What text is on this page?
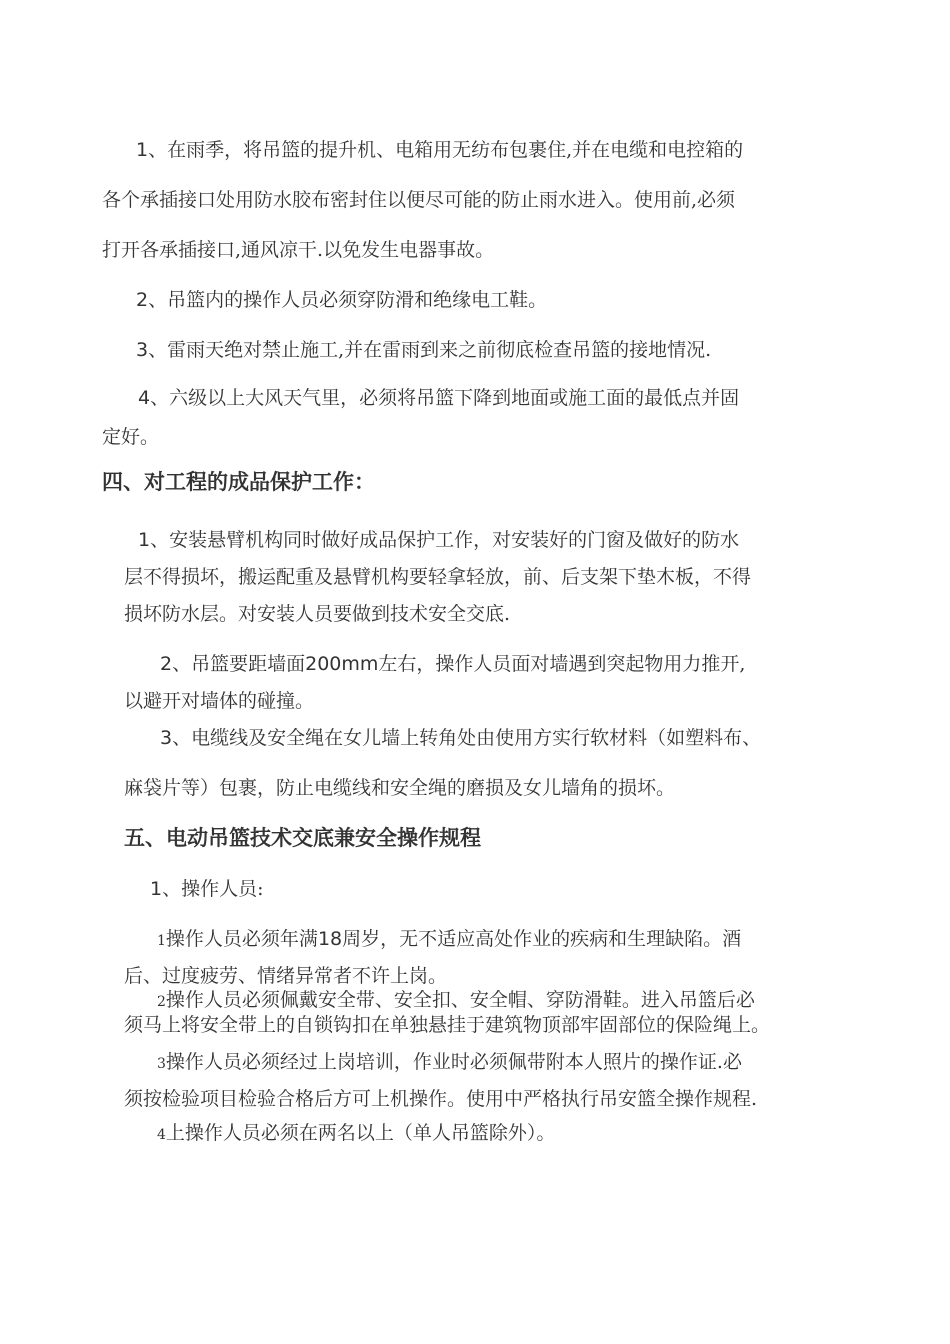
1、在雨季，将吊篮的提升机、电箱用无纺布包裹住,并在电缆和电控箱的
各个承插接口处用防水胶布密封住以便尽可能的防止雨水进入。使用前,必须
打开各承插接口,通风凉干.以免发生电器事故。
2、吊篮内的操作人员必须穿防滑和绝缘电工鞋。
3、雷雨天绝对禁止施工,并在雷雨到来之前彻底检查吊篮的接地情况.
4、六级以上大风天气里，必须将吊篮下降到地面或施工面的最低点并固
定好。
四、对工程的成品保护工作：
1、安装悬臂机构同时做好成品保护工作，对安装好的门窗及做好的防水
层不得损坏，搬运配重及悬臂机构要轻拿轻放，前、后支架下垫木板，不得
损坏防水层。对安装人员要做到技术安全交底.
2、吊篮要距墙面200mm左右，操作人员面对墙遇到突起物用力推开,
以避开对墙体的碰撞。
3、电缆线及安全绳在女儿墙上转角处由使用方实行软材料（如塑料布、
麻袋片等）包裹，防止电缆线和安全绳的磨损及女儿墙角的损坏。
五、电动吊篮技术交底兼安全操作规程
1、操作人员:
1操作人员必须年满18周岁，无不适应高处作业的疾病和生理缺陷。酒
后、过度疲劳、情绪异常者不许上岗。
2操作人员必须佩戴安全带、安全扣、安全帽、穿防滑鞋。进入吊篮后必
须马上将安全带上的自锁钩扣在单独悬挂于建筑物顶部牢固部位的保险绳上。
3操作人员必须经过上岗培训，作业时必须佩带附本人照片的操作证.必
须按检验项目检验合格后方可上机操作。使用中严格执行吊安篮全操作规程.
4上操作人员必须在两名以上（单人吊篮除外）。
